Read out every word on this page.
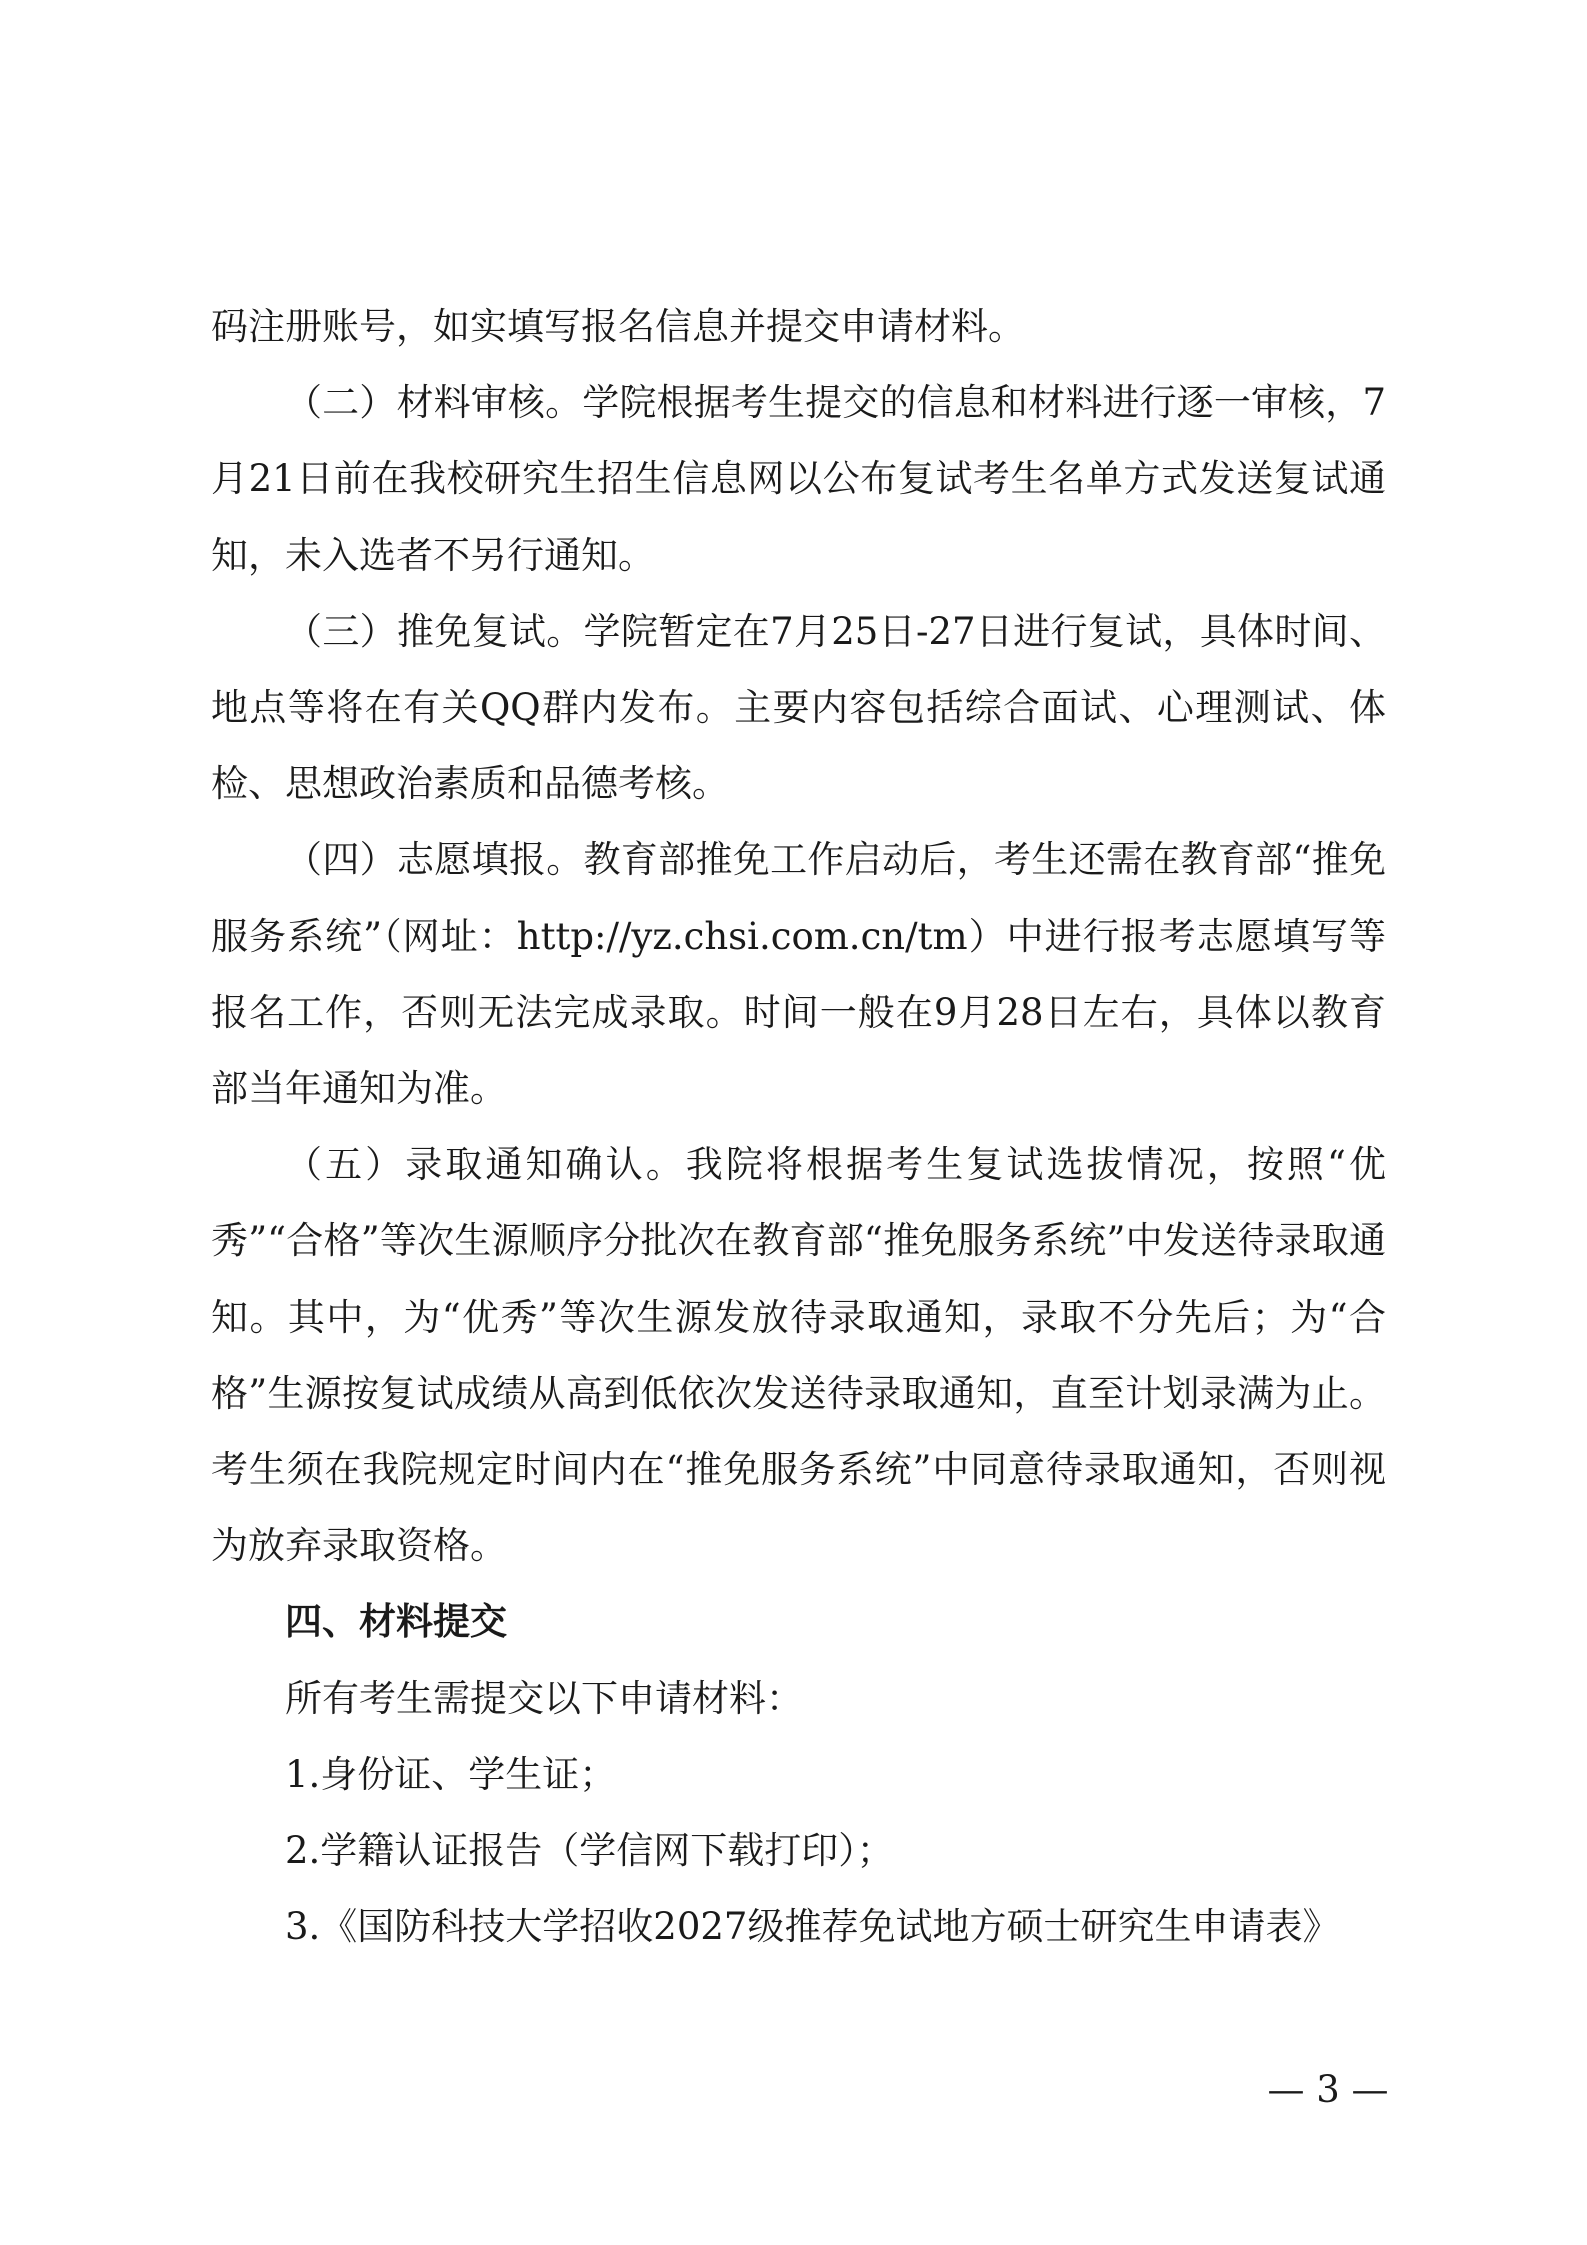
码注册账号，如实填写报名信息并提交申请材料。

（二）材料审核。学院根据考生提交的信息和材料进行逐一审核，7月21日前在我校研究生招生信息网以公布复试考生名单方式发送复试通知，未入选者不另行通知。

（三）推免复试。学院暂定在7月25日-27日进行复试，具体时间、地点等将在有关QQ群内发布。主要内容包括综合面试、心理测试、体检、思想政治素质和品德考核。

（四）志愿填报。教育部推免工作启动后，考生还需在教育部“推免服务系统”（网址：http://yz.chsi.com.cn/tm）中进行报考志愿填写等报名工作，否则无法完成录取。时间一般在9月28日左右，具体以教育部当年通知为准。

（五）录取通知确认。我院将根据考生复试选拔情况，按照“优秀”“合格”等次生源顺序分批次在教育部“推免服务系统”中发送待录取通知。其中，为“优秀”等次生源发放待录取通知，录取不分先后；为“合格”生源按复试成绩从高到低依次发送待录取通知，直至计划录满为止。考生须在我院规定时间内在“推免服务系统”中同意待录取通知，否则视为放弃录取资格。

四、材料提交

所有考生需提交以下申请材料：

1.身份证、学生证；

2.学籍认证报告（学信网下载打印）；

3.《国防科技大学招收2027级推荐免试地方硕士研究生申请表》

— 3 —
